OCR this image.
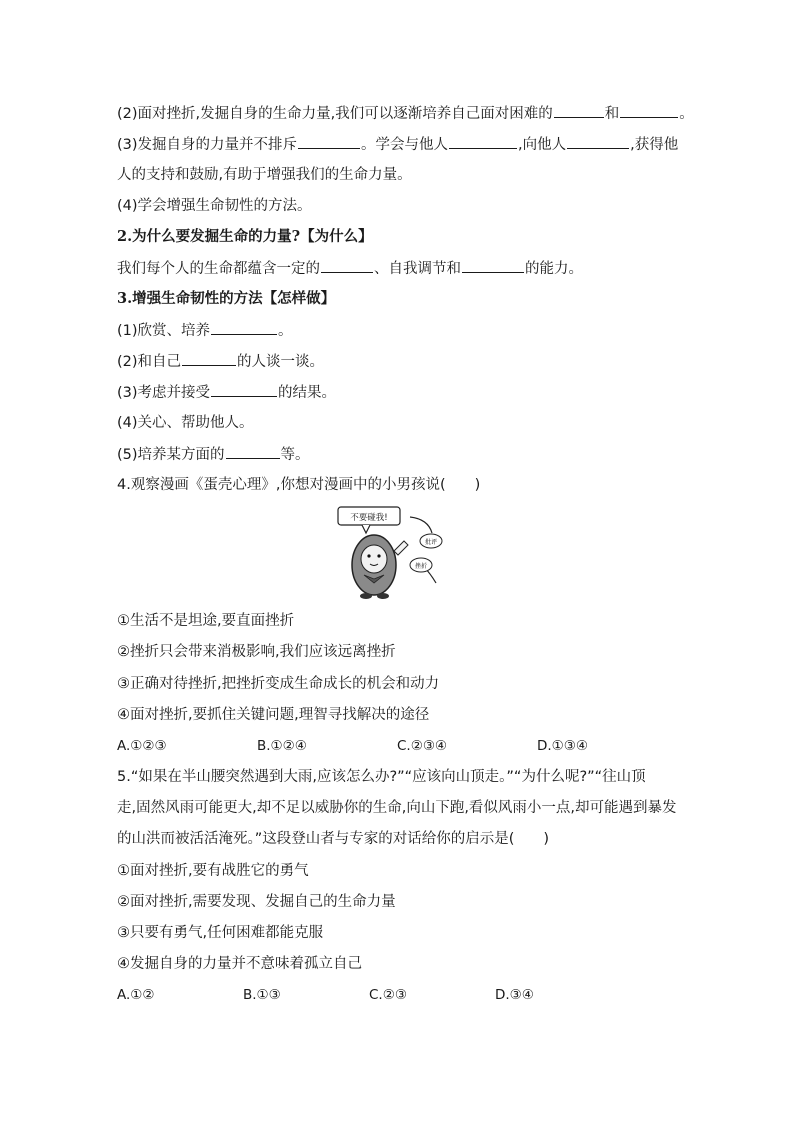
(2)面对挫折,发掘自身的生命力量,我们可以逐渐培养自己面对困难的	和	。
(3)发掘自身的力量并不排斥	。学会与他人	,向他人	,获得他
人的支持和鼓励,有助于增强我们的生命力量。
(4)学会增强生命韧性的方法。
2.为什么要发掘生命的力量?【为什么】
我们每个人的生命都蕴含一定的	、自我调节和	的能力。
3.增强生命韧性的方法【怎样做】
(1)欣赏、培养	。
(2)和自己	的人谈一谈。
(3)考虑并接受	的结果。
(4)关心、帮助他人。
(5)培养某方面的	等。
4.观察漫画《蛋壳心理》,你想对漫画中的小男孩说(　　)
不要碰我!
批评
挫折
①生活不是坦途,要直面挫折
②挫折只会带来消极影响,我们应该远离挫折
③正确对待挫折,把挫折变成生命成长的机会和动力
④面对挫折,要抓住关键问题,理智寻找解决的途径
A.①②③	B.①②④	C.②③④	D.①③④
5.“如果在半山腰突然遇到大雨,应该怎么办?”“应该向山顶走。”“为什么呢?”“往山顶
走,固然风雨可能更大,却不足以威胁你的生命,向山下跑,看似风雨小一点,却可能遇到暴发
的山洪而被活活淹死。”这段登山者与专家的对话给你的启示是(　　)
①面对挫折,要有战胜它的勇气
②面对挫折,需要发现、发掘自己的生命力量
③只要有勇气,任何困难都能克服
④发掘自身的力量并不意味着孤立自己
A.①②	B.①③	C.②③	D.③④
